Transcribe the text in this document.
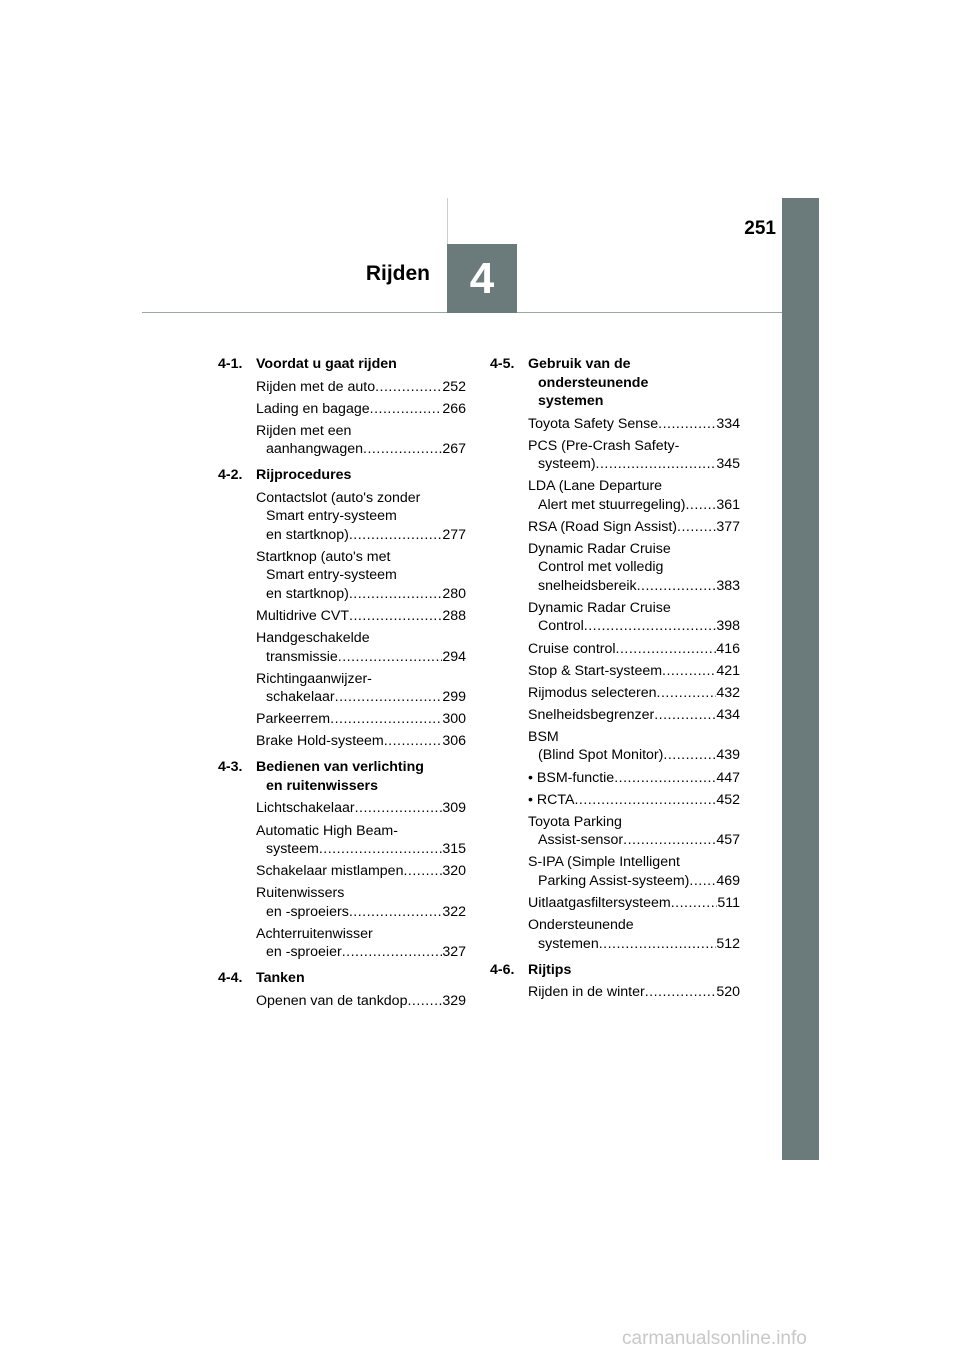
4
Rijden
251
4-1. Voordat u gaat rijden
Rijden met de auto .....	252
Lading en bagage .....	266
Rijden met een
aanhangwagen .....	267
4-2. Rijprocedures
Contactslot (auto's zonder
Smart entry-systeem
en startknop) .....	277
Startknop (auto's met
Smart entry-systeem
en startknop) .....	280
Multidrive CVT .....	288
Handgeschakelde
transmissie .....	294
Richtingaanwijzer-
schakelaar .....	299
Parkeerrem .....	300
Brake Hold-systeem .....	306
4-3. Bedienen van verlichting
en ruitenwissers
Lichtschakelaar .....	309
Automatic High Beam-
systeem .....	315
Schakelaar mistlampen .....	320
Ruitenwissers
en -sproeiers .....	322
Achterruitenwisser
en -sproeier .....	327
4-4. Tanken
Openen van de tankdop ..... 329
4-5. Gebruik van de
ondersteunende
systemen
Toyota Safety Sense .....	334
PCS (Pre-Crash Safety-
systeem) .....	345
LDA (Lane Departure
Alert met stuurregeling) ..... 361
RSA (Road Sign Assist) .....	377
Dynamic Radar Cruise
Control met volledig
snelheidsbereik .....	383
Dynamic Radar Cruise
Control .....	398
Cruise control .....	416
Stop & Start-systeem .....	421
Rijmodus selecteren .....	432
Snelheidsbegrenzer .....	434
BSM
(Blind Spot Monitor) .....	439
• BSM-functie .....	447
• RCTA .....	452
Toyota Parking
Assist-sensor .....	457
S-IPA (Simple Intelligent
Parking Assist-systeem) ..... 469
Uitlaatgasfiltersysteem .....	511
Ondersteunende
systemen .....	512
4-6. Rijtips
Rijden in de winter .....	520
carmanualsonline.info
